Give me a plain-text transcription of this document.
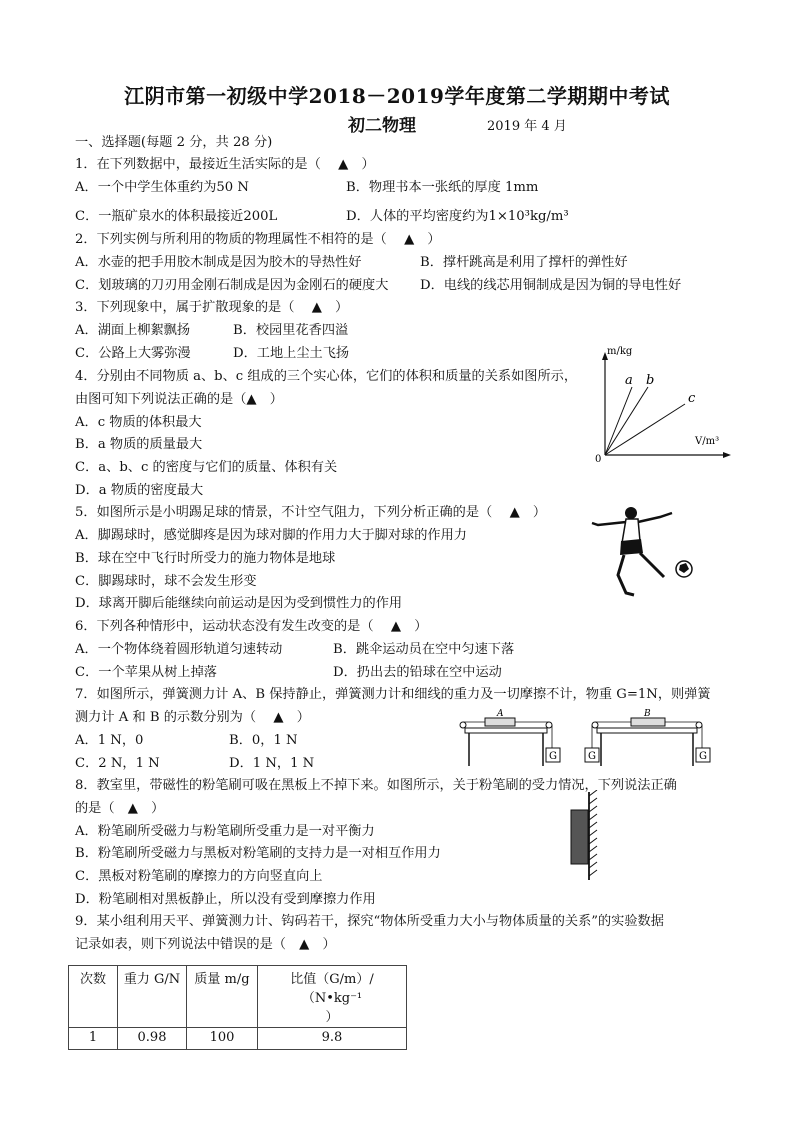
江阴市第一初级中学2018－2019学年度第二学期期中考试
初二物理	2019 年 4 月
一、选择题(每题 2 分，共 28 分)
1．在下列数据中，最接近生活实际的是（　 ▲　）
A．一个中学生体重约为50 N	B．物理书本一张纸的厚度 1mm
C．一瓶矿泉水的体积最接近200L	D．人体的平均密度约为1×10³kg/m³
2．下列实例与所利用的物质的物理属性不相符的是（　 ▲　）
A．水壶的把手用胶木制成是因为胶木的导热性好	B．撑杆跳高是利用了撑杆的弹性好
C．划玻璃的刀刃用金刚石制成是因为金刚石的硬度大 D．电线的线芯用铜制成是因为铜的导电性好
3．下列现象中，属于扩散现象的是（　 ▲　）
A．湖面上柳絮飘扬	B．校园里花香四溢
C．公路上大雾弥漫	D．工地上尘土飞扬
4．分别由不同物质 a、b、c 组成的三个实心体，它们的体积和质量的关系如图所示，
由图可知下列说法正确的是（▲　）
A．c 物质的体积最大
B．a 物质的质量最大
C．a、b、c 的密度与它们的质量、体积有关
D．a 物质的密度最大
m/kg
V/m³
0
a b
c
5．如图所示是小明踢足球的情景，不计空气阻力，下列分析正确的是（　 ▲　）
A．脚踢球时，感觉脚疼是因为球对脚的作用力大于脚对球的作用力
B．球在空中飞行时所受力的施力物体是地球
C．脚踢球时，球不会发生形变
D．球离开脚后能继续向前运动是因为受到惯性力的作用
6．下列各种情形中，运动状态没有发生改变的是（　 ▲　）
A．一个物体绕着圆形轨道匀速转动	B．跳伞运动员在空中匀速下落
C．一个苹果从树上掉落	D．扔出去的铅球在空中运动
7．如图所示，弹簧测力计 A、B 保持静止，弹簧测力计和细线的重力及一切摩擦不计，物重 G=1N，则弹簧
测力计 A 和 B 的示数分别为（　 ▲　）
A．1 N，0	B．0，1 N
C．2 N，1 N	D．1 N，1 N
A
G
B
G	G
8．教室里，带磁性的粉笔刷可吸在黑板上不掉下来。如图所示，关于粉笔刷的受力情况，下列说法正确
的是（　▲　）
A．粉笔刷所受磁力与粉笔刷所受重力是一对平衡力
B．粉笔刷所受磁力与黑板对粉笔刷的支持力是一对相互作用力
C．黑板对粉笔刷的摩擦力的方向竖直向上
D．粉笔刷相对黑板静止，所以没有受到摩擦力作用
9．某小组利用天平、弹簧测力计、钩码若干，探究“物体所受重力大小与物体质量的关系”的实验数据
记录如表，则下列说法中错误的是（　▲　）
次数	重力 G/N	质量 m/g	比值（G/m）/（N•kg⁻¹
）

1	0.98	100	9.8
